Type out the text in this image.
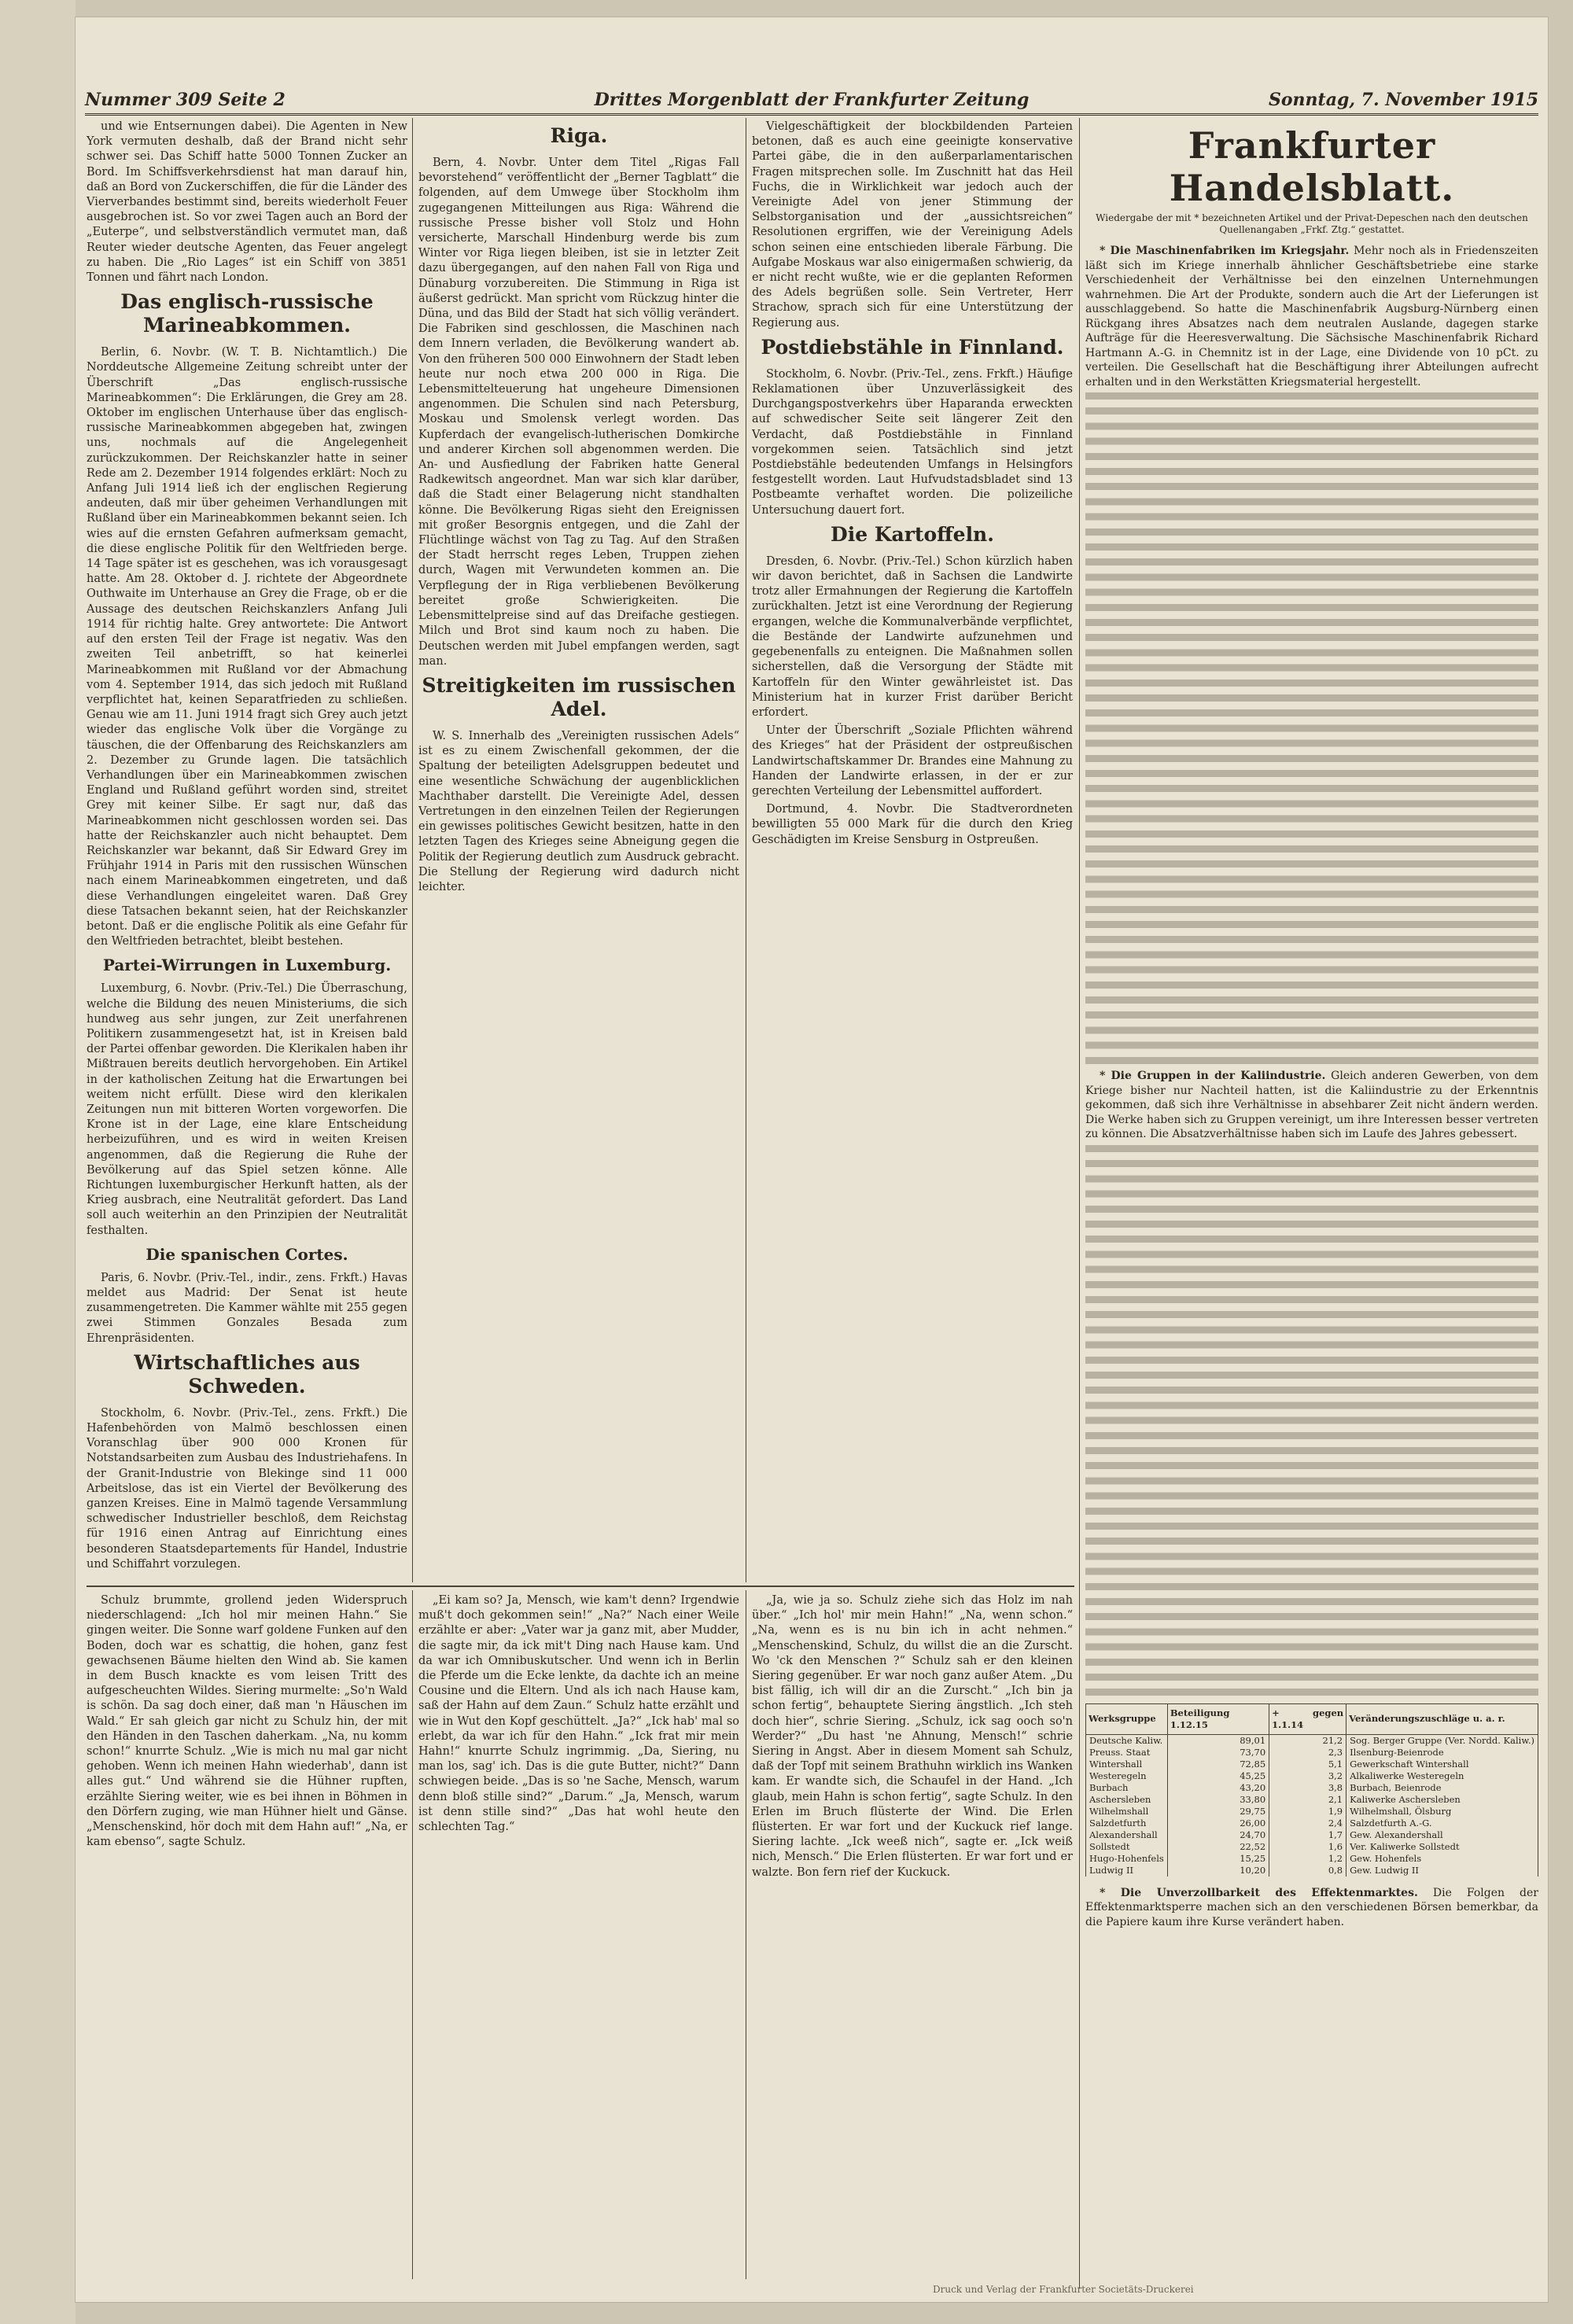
Nummer 309 Seite 2	Drittes Morgenblatt der Frankfurter Zeitung	Sonntag, 7. November 1915

und wie Entsernungen dabei). Die Agenten in New York vermuten deshalb, daß der Brand nicht sehr schwer sei. Das Schiff hatte 5000 Tonnen Zucker an Bord. Im Schiffsverkehrsdienst hat man darauf hin, daß an Bord von Zuckerschiffen, die für die Länder des Vierverbandes bestimmt sind, bereits wiederholt Feuer ausgebrochen ist. So vor zwei Tagen auch an Bord der „Euterpe“, und selbstverständlich vermutet man, daß Reuter wieder deutsche Agenten, das Feuer angelegt zu haben. Die „Rio Lages“ ist ein Schiff von 3851 Tonnen und fährt nach London.

Das englisch-russische Marineabkommen.

Berlin, 6. Novbr. (W. T. B. Nichtamtlich.) Die Norddeutsche Allgemeine Zeitung schreibt unter der Überschrift „Das englisch-russische Marineabkommen“: Die Erklärungen, die Grey am 28. Oktober im englischen Unterhause über das englisch-russische Marineabkommen abgegeben hat, zwingen uns, nochmals auf die Angelegenheit zurückzukommen. Der Reichskanzler hatte in seiner Rede am 2. Dezember 1914 folgendes erklärt: Noch zu Anfang Juli 1914 ließ ich der englischen Regierung andeuten, daß mir über geheimen Verhandlungen mit Rußland über ein Marineabkommen bekannt seien. Ich wies auf die ernsten Gefahren aufmerksam gemacht, die diese englische Politik für den Weltfrieden berge. 14 Tage später ist es geschehen, was ich vorausgesagt hatte. Am 28. Oktober d. J. richtete der Abgeordnete Outhwaite im Unterhause an Grey die Frage, ob er die Aussage des deutschen Reichskanzlers Anfang Juli 1914 für richtig halte. Grey antwortete: Die Antwort auf den ersten Teil der Frage ist negativ. Was den zweiten Teil anbetrifft, so hat keinerlei Marineabkommen mit Rußland vor der Abmachung vom 4. September 1914, das sich jedoch mit Rußland verpflichtet hat, keinen Separatfrieden zu schließen. Genau wie am 11. Juni 1914 fragt sich Grey auch jetzt wieder das englische Volk über die Vorgänge zu täuschen, die der Offenbarung des Reichskanzlers am 2. Dezember zu Grunde lagen. Die tatsächlich Verhandlungen über ein Marineabkommen zwischen England und Rußland geführt worden sind, streitet Grey mit keiner Silbe. Er sagt nur, daß das Marineabkommen nicht geschlossen worden sei. Das hatte der Reichskanzler auch nicht behauptet. Dem Reichskanzler war bekannt, daß Sir Edward Grey im Frühjahr 1914 in Paris mit den russischen Wünschen nach einem Marineabkommen eingetreten, und daß diese Verhandlungen eingeleitet waren. Daß Grey diese Tatsachen bekannt seien, hat der Reichskanzler betont. Daß er die englische Politik als eine Gefahr für den Weltfrieden betrachtet, bleibt bestehen.

Partei-Wirrungen in Luxemburg.

Luxemburg, 6. Novbr. (Priv.-Tel.) Die Überraschung, welche die Bildung des neuen Ministeriums, die sich hundweg aus sehr jungen, zur Zeit unerfahrenen Politikern zusammengesetzt hat, ist in Kreisen bald der Partei offenbar geworden. Die Klerikalen haben ihr Mißtrauen bereits deutlich hervorgehoben. Ein Artikel in der katholischen Zeitung hat die Erwartungen bei weitem nicht erfüllt. Diese wird den klerikalen Zeitungen nun mit bitteren Worten vorgeworfen. Die Krone ist in der Lage, eine klare Entscheidung herbeizuführen, und es wird in weiten Kreisen angenommen, daß die Regierung die Ruhe der Bevölkerung auf das Spiel setzen könne. Alle Richtungen luxemburgischer Herkunft hatten, als der Krieg ausbrach, eine Neutralität gefordert. Das Land soll auch weiterhin an den Prinzipien der Neutralität festhalten.

Die spanischen Cortes.

Paris, 6. Novbr. (Priv.-Tel., indir., zens. Frkft.) Havas meldet aus Madrid: Der Senat ist heute zusammengetreten. Die Kammer wählte mit 255 gegen zwei Stimmen Gonzales Besada zum Ehrenpräsidenten.

Wirtschaftliches aus Schweden.

Stockholm, 6. Novbr. (Priv.-Tel., zens. Frkft.) Die Hafenbehörden von Malmö beschlossen einen Voranschlag über 900 000 Kronen für Notstandsarbeiten zum Ausbau des Industriehafens. In der Granit-Industrie von Blekinge sind 11 000 Arbeitslose, das ist ein Viertel der Bevölkerung des ganzen Kreises. Eine in Malmö tagende Versammlung schwedischer Industrieller beschloß, dem Reichstag für 1916 einen Antrag auf Einrichtung eines besonderen Staatsdepartements für Handel, Industrie und Schiffahrt vorzulegen.

Riga.

Bern, 4. Novbr. Unter dem Titel „Rigas Fall bevorstehend“ veröffentlicht der „Berner Tagblatt“ die folgenden, auf dem Umwege über Stockholm ihm zugegangenen Mitteilungen aus Riga: Während die russische Presse bisher voll Stolz und Hohn versicherte, Marschall Hindenburg werde bis zum Winter vor Riga liegen bleiben, ist sie in letzter Zeit dazu übergegangen, auf den nahen Fall von Riga und Dünaburg vorzubereiten. Die Stimmung in Riga ist äußerst gedrückt. Man spricht vom Rückzug hinter die Düna, und das Bild der Stadt hat sich völlig verändert. Die Fabriken sind geschlossen, die Maschinen nach dem Innern verladen, die Bevölkerung wandert ab. Von den früheren 500 000 Einwohnern der Stadt leben heute nur noch etwa 200 000 in Riga. Die Lebensmittelteuerung hat ungeheure Dimensionen angenommen. Die Schulen sind nach Petersburg, Moskau und Smolensk verlegt worden. Das Kupferdach der evangelisch-lutherischen Domkirche und anderer Kirchen soll abgenommen werden. Die An- und Ausfiedlung der Fabriken hatte General Radkewitsch angeordnet. Man war sich klar darüber, daß die Stadt einer Belagerung nicht standhalten könne. Die Bevölkerung Rigas sieht den Ereignissen mit großer Besorgnis entgegen, und die Zahl der Flüchtlinge wächst von Tag zu Tag. Auf den Straßen der Stadt herrscht reges Leben, Truppen ziehen durch, Wagen mit Verwundeten kommen an. Die Verpflegung der in Riga verbliebenen Bevölkerung bereitet große Schwierigkeiten. Die Lebensmittelpreise sind auf das Dreifache gestiegen. Milch und Brot sind kaum noch zu haben. Die Deutschen werden mit Jubel empfangen werden, sagt man.

Streitigkeiten im russischen Adel.

W. S. Innerhalb des „Vereinigten russischen Adels“ ist es zu einem Zwischenfall gekommen, der die Spaltung der beteiligten Adelsgruppen bedeutet und eine wesentliche Schwächung der augenblicklichen Machthaber darstellt. Die Vereinigte Adel, dessen Vertretungen in den einzelnen Teilen der Regierungen ein gewisses politisches Gewicht besitzen, hatte in den letzten Tagen des Krieges seine Abneigung gegen die Politik der Regierung deutlich zum Ausdruck gebracht. Die Stellung der Regierung wird dadurch nicht leichter.

Vielgeschäftigkeit der blockbildenden Parteien betonen, daß es auch eine geeinigte konservative Partei gäbe, die in den außerparlamentarischen Fragen mitsprechen solle. Im Zuschnitt hat das Heil Fuchs, die in Wirklichkeit war jedoch auch der Vereinigte Adel von jener Stimmung der Selbstorganisation und der „aussichtsreichen“ Resolutionen ergriffen, wie der Vereinigung Adels schon seinen eine entschieden liberale Färbung. Die Aufgabe Moskaus war also einigermaßen schwierig, da er nicht recht wußte, wie er die geplanten Reformen des Adels begrüßen solle. Sein Vertreter, Herr Strachow, sprach sich für eine Unterstützung der Regierung aus.

Postdiebstähle in Finnland.

Stockholm, 6. Novbr. (Priv.-Tel., zens. Frkft.) Häufige Reklamationen über Unzuverlässigkeit des Durchgangspostverkehrs über Haparanda erweckten auf schwedischer Seite seit längerer Zeit den Verdacht, daß Postdiebstähle in Finnland vorgekommen seien. Tatsächlich sind jetzt Postdiebstähle bedeutenden Umfangs in Helsingfors festgestellt worden. Laut Hufvudstadsbladet sind 13 Postbeamte verhaftet worden. Die polizeiliche Untersuchung dauert fort.

Die Kartoffeln.

Dresden, 6. Novbr. (Priv.-Tel.) Schon kürzlich haben wir davon berichtet, daß in Sachsen die Landwirte trotz aller Ermahnungen der Regierung die Kartoffeln zurückhalten. Jetzt ist eine Verordnung der Regierung ergangen, welche die Kommunalverbände verpflichtet, die Bestände der Landwirte aufzunehmen und gegebenenfalls zu enteignen. Die Maßnahmen sollen sicherstellen, daß die Versorgung der Städte mit Kartoffeln für den Winter gewährleistet ist. Das Ministerium hat in kurzer Frist darüber Bericht erfordert.

Unter der Überschrift „Soziale Pflichten während des Krieges“ hat der Präsident der ostpreußischen Landwirtschaftskammer Dr. Brandes eine Mahnung zu Handen der Landwirte erlassen, in der er zur gerechten Verteilung der Lebensmittel auffordert.

Dortmund, 4. Novbr. Die Stadtverordneten bewilligten 55 000 Mark für die durch den Krieg Geschädigten im Kreise Sensburg in Ostpreußen.

Frankfurter Handelsblatt.
Wiedergabe der mit * bezeichneten Artikel und der Privat-Depeschen nach den deutschen Quellenangaben „Frkf. Ztg.“ gestattet.

* Die Maschinenfabriken im Kriegsjahr. Mehr noch als in Friedenszeiten läßt sich im Kriege innerhalb ähnlicher Geschäftsbetriebe eine starke Verschiedenheit der Verhältnisse bei den einzelnen Unternehmungen wahrnehmen. Die Art der Produkte, sondern auch die Art der Lieferungen ist ausschlaggebend. So hatte die Maschinenfabrik Augsburg-Nürnberg einen Rückgang ihres Absatzes nach dem neutralen Auslande, dagegen starke Aufträge für die Heeresverwaltung. Die Sächsische Maschinenfabrik Richard Hartmann A.-G. in Chemnitz ist in der Lage, eine Dividende von 10 pCt. zu verteilen. Die Gesellschaft hat die Beschäftigung ihrer Abteilungen aufrecht erhalten und in den Werkstätten Kriegsmaterial hergestellt.

* Die Gruppen in der Kaliindustrie. Gleich anderen Gewerben, von dem Kriege bisher nur Nachteil hatten, ist die Kaliindustrie zu der Erkenntnis gekommen, daß sich ihre Verhältnisse in absehbarer Zeit nicht ändern werden. Die Werke haben sich zu Gruppen vereinigt, um ihre Interessen besser vertreten zu können. Die Absatzverhältnisse haben sich im Laufe des Jahres gebessert.

Werksgruppe	Beteiligung 1.12.15	+ gegen 1.1.14	Veränderungszuschläge u. a. r.
Deutsche Kaliw.	89,01	21,2	Sog. Berger Gruppe (Ver. Nordd. Kaliw.)
Preuss. Staat	73,70	2,3	Ilsenburg-Beienrode
Wintershall	72,85	5,1	Gewerkschaft Wintershall
Westeregeln	45,25	3,2	Alkaliwerke Westeregeln
Burbach	43,20	3,8	Burbach, Beienrode
Aschersleben	33,80	2,1	Kaliwerke Aschersleben
Wilhelmshall	29,75	1,9	Wilhelmshall, Ölsburg
Salzdetfurth	26,00	2,4	Salzdetfurth A.-G.
Alexandershall	24,70	1,7	Gew. Alexandershall
Sollstedt	22,52	1,6	Ver. Kaliwerke Sollstedt
Hugo-Hohenfels	15,25	1,2	Gew. Hohenfels
Ludwig II	10,20	0,8	Gew. Ludwig II

* Die Unverzollbarkeit des Effektenmarktes. Die Folgen der Effektenmarktsperre machen sich an den verschiedenen Börsen bemerkbar, da die Papiere kaum ihre Kurse verändert haben.

Schulz brummte, grollend jeden Widerspruch niederschlagend: „Ich hol mir meinen Hahn.“ Sie gingen weiter. Die Sonne warf goldene Funken auf den Boden, doch war es schattig, die hohen, ganz fest gewachsenen Bäume hielten den Wind ab. Sie kamen in dem Busch knackte es vom leisen Tritt des aufgescheuchten Wildes. Siering murmelte: „So'n Wald is schön. Da sag doch einer, daß man 'n Häuschen im Wald.“ Er sah gleich gar nicht zu Schulz hin, der mit den Händen in den Taschen daherkam. „Na, nu komm schon!“ knurrte Schulz. „Wie is mich nu mal gar nicht gehoben. Wenn ich meinen Hahn wiederhab', dann ist alles gut.“ Und während sie die Hühner rupften, erzählte Siering weiter, wie es bei ihnen in Böhmen in den Dörfern zuging, wie man Hühner hielt und Gänse. „Menschenskind, hör doch mit dem Hahn auf!“ „Na, er kam ebenso“, sagte Schulz.

„Ei kam so? Ja, Mensch, wie kam't denn? Irgendwie muß't doch gekommen sein!“ „Na?“ Nach einer Weile erzählte er aber: „Vater war ja ganz mit, aber Mudder, die sagte mir, da ick mit't Ding nach Hause kam. Und da war ich Omnibuskutscher. Und wenn ich in Berlin die Pferde um die Ecke lenkte, da dachte ich an meine Cousine und die Eltern. Und als ich nach Hause kam, saß der Hahn auf dem Zaun.“ Schulz hatte erzählt und wie in Wut den Kopf geschüttelt. „Ja?“ „Ick hab' mal so erlebt, da war ich für den Hahn.“ „Ick frat mir mein Hahn!“ knurrte Schulz ingrimmig. „Da, Siering, nu man los, sag' ich. Das is die gute Butter, nicht?“ Dann schwiegen beide. „Das is so 'ne Sache, Mensch, warum denn bloß stille sind?“ „Darum.“ „Ja, Mensch, warum ist denn stille sind?“ „Das hat wohl heute den schlechten Tag.“

„Ja, wie ja so. Schulz ziehe sich das Holz im nah über.“ „Ich hol' mir mein Hahn!“ „Na, wenn schon.“ „Na, wenn es is nu bin ich in acht nehmen.“ „Menschenskind, Schulz, du willst die an die Zurscht. Wo 'ck den Menschen ?“ Schulz sah er den kleinen Siering gegenüber. Er war noch ganz außer Atem. „Du bist fällig, ich will dir an die Zurscht.“ „Ich bin ja schon fertig“, behauptete Siering ängstlich. „Ich steh doch hier“, schrie Siering. „Schulz, ick sag ooch so'n Werder?“ „Du hast 'ne Ahnung, Mensch!“ schrie Siering in Angst. Aber in diesem Moment sah Schulz, daß der Topf mit seinem Brathuhn wirklich ins Wanken kam. Er wandte sich, die Schaufel in der Hand. „Ich glaub, mein Hahn is schon fertig“, sagte Schulz. In den Erlen im Bruch flüsterte der Wind. Die Erlen flüsterten. Er war fort und der Kuckuck rief lange. Siering lachte. „Ick weeß nich“, sagte er. „Ick weiß nich, Mensch.“ Die Erlen flüsterten. Er war fort und er walzte. Bon fern rief der Kuckuck.

Druck und Verlag der Frankfurter Societäts-Druckerei
